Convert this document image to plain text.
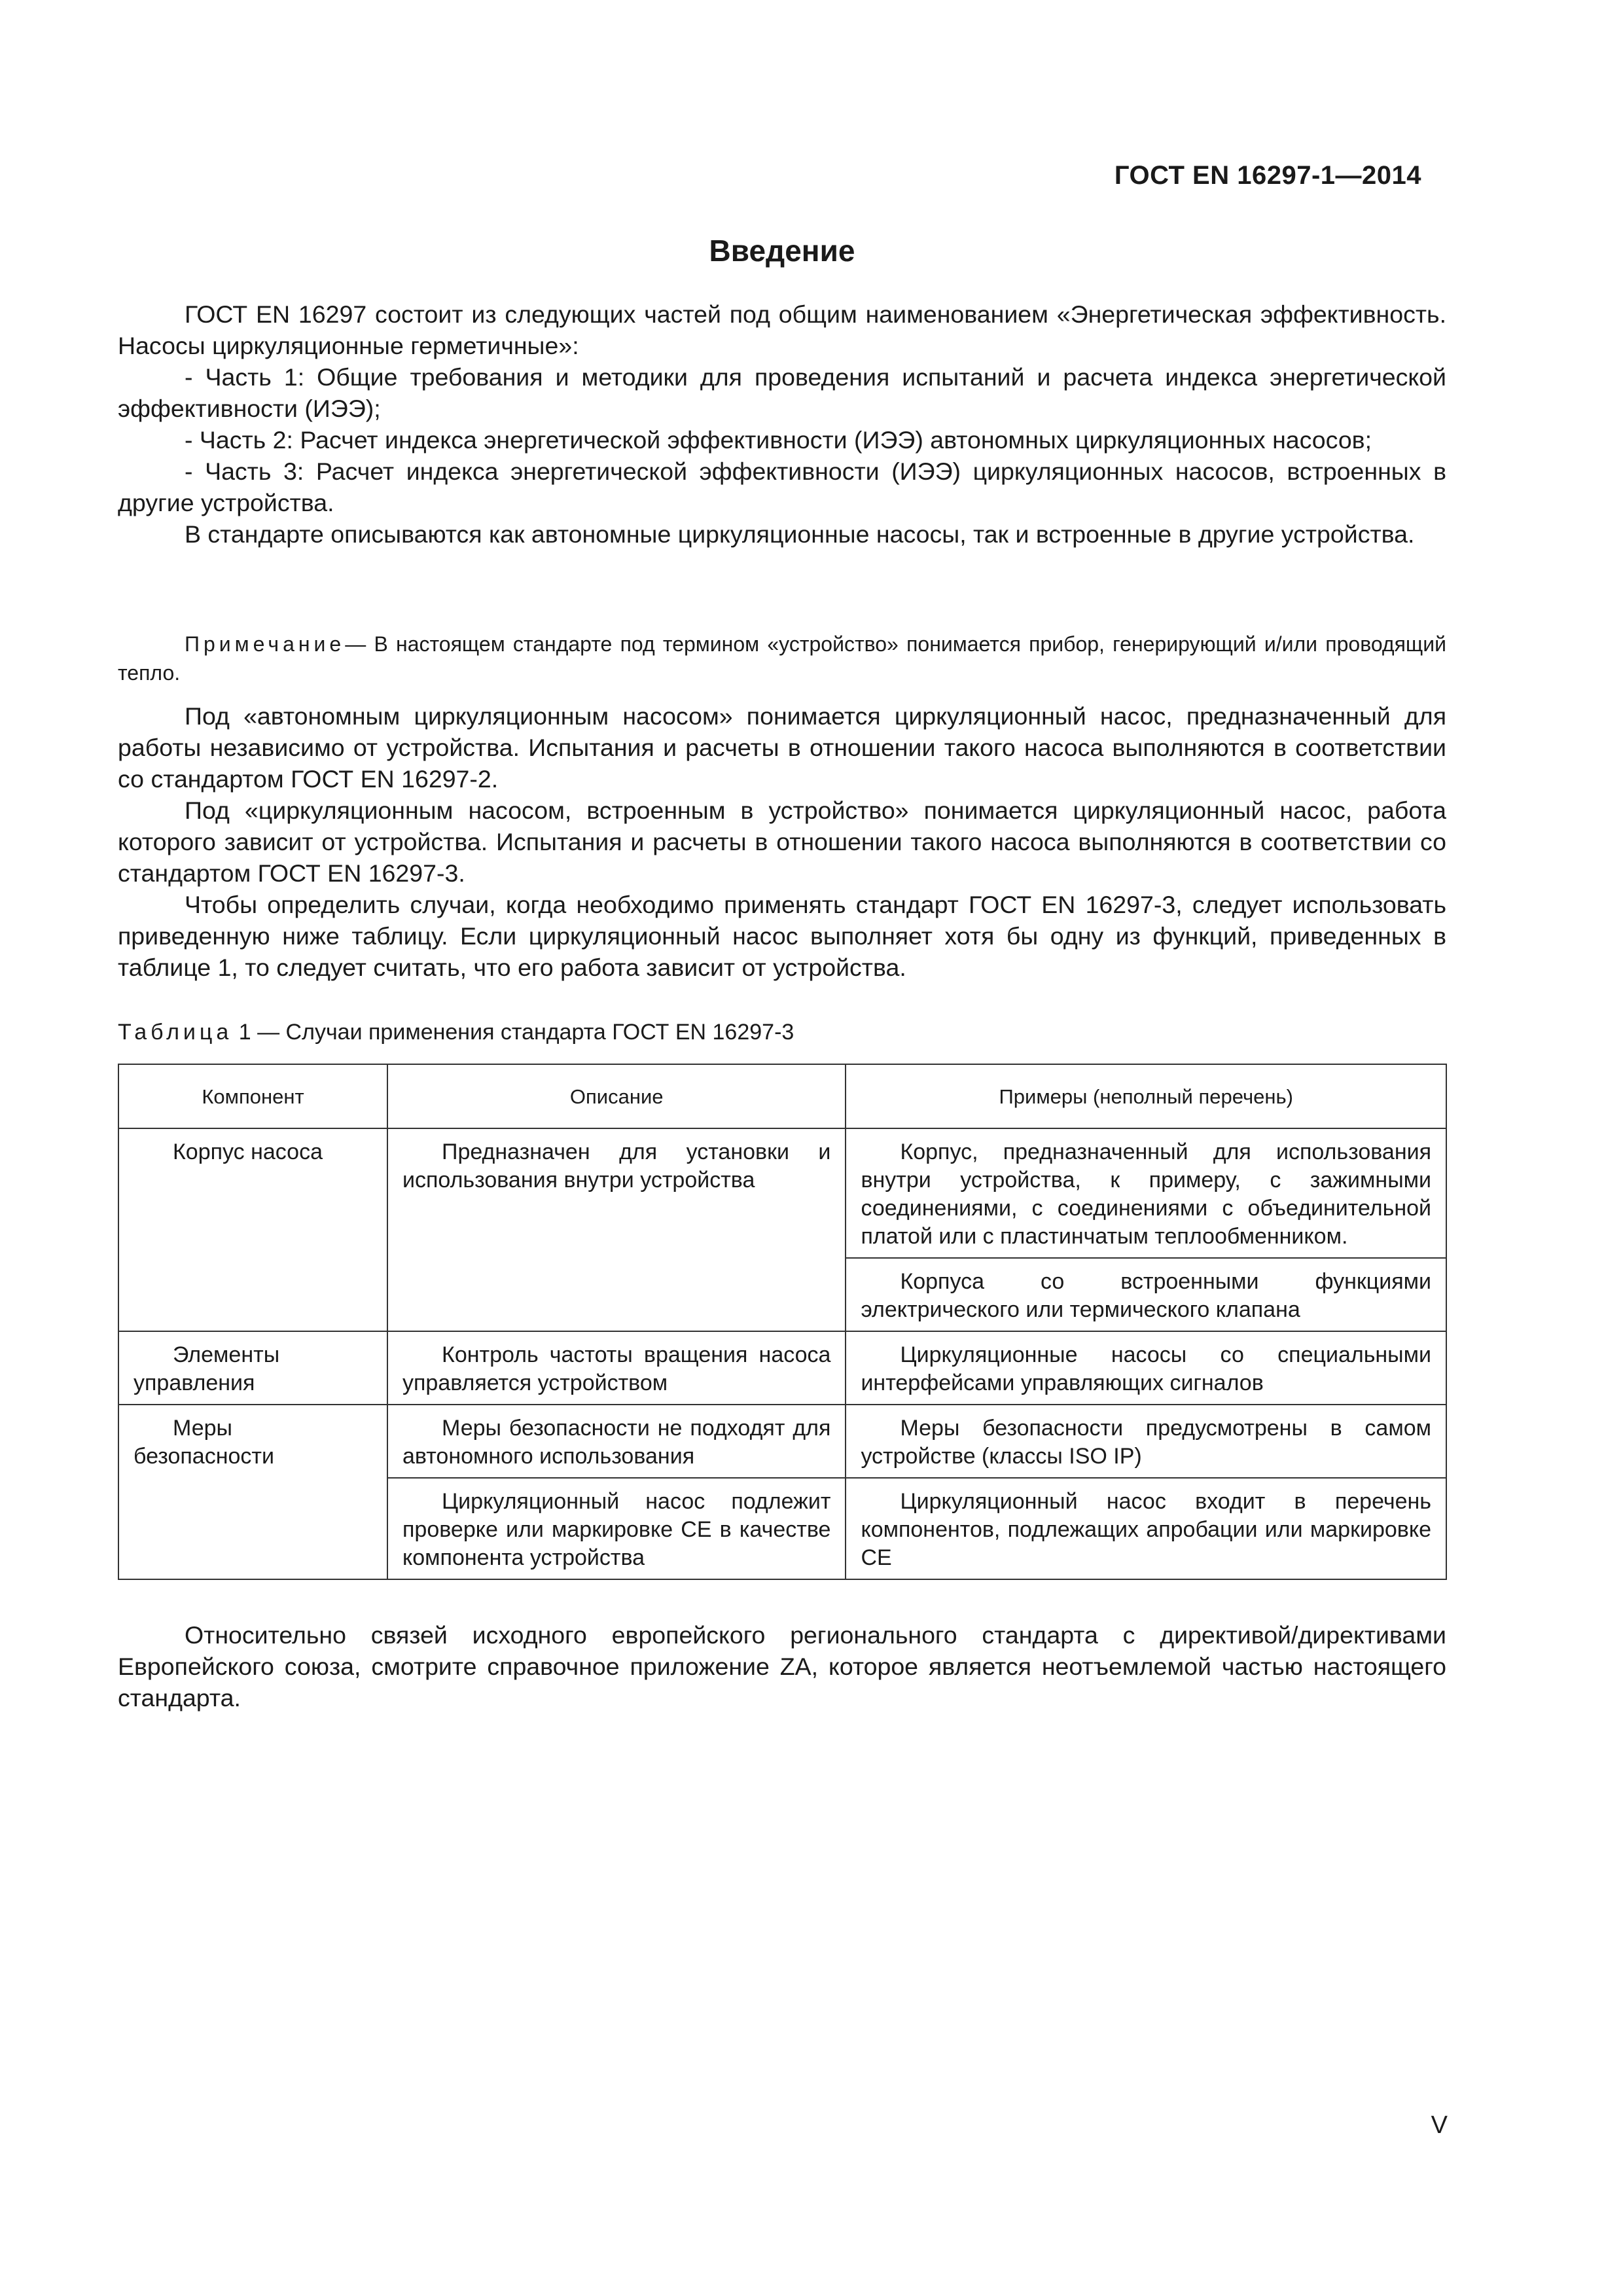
ГОСТ EN 16297-1—2014
Введение

ГОСТ EN 16297 состоит из следующих частей под общим наименованием «Энергетическая эффективность. Насосы циркуляционные герметичные»:

- Часть 1: Общие требования и методики для проведения испытаний и расчета индекса энергетической эффективности (ИЭЭ);

- Часть 2: Расчет индекса энергетической эффективности (ИЭЭ) автономных циркуляционных насосов;

- Часть 3: Расчет индекса энергетической эффективности (ИЭЭ) циркуляционных насосов, встроенных в другие устройства.

В стандарте описываются как автономные циркуляционные насосы, так и встроенные в другие устройства.

Примечание— В настоящем стандарте под термином «устройство» понимается прибор, генерирующий и/или проводящий тепло.

Под «автономным циркуляционным насосом» понимается циркуляционный насос, предназначенный для работы независимо от устройства. Испытания и расчеты в отношении такого насоса выполняются в соответствии со стандартом ГОСТ EN 16297-2.

Под «циркуляционным насосом, встроенным в устройство» понимается циркуляционный насос, работа которого зависит от устройства. Испытания и расчеты в отношении такого насоса выполняются в соответствии со стандартом ГОСТ EN 16297-3.

Чтобы определить случаи, когда необходимо применять стандарт ГОСТ EN 16297-3, следует использовать приведенную ниже таблицу. Если циркуляционный насос выполняет хотя бы одну из функций, приведенных в таблице 1, то следует считать, что его работа зависит от устройства.

Таблица 1 — Случаи применения стандарта ГОСТ EN 16297-3
Компонент	Описание	Примеры (неполный перечень)

Корпус насоса	Предназначен для установки и использования внутри устройства	Корпус, предназначенный для использования внутри устройства, к примеру, с зажимными соединениями, с соединениями с объединительной платой или с пластинчатым теплообменником.

		Корпуса со встроенными функциями электрического или термического клапана

Элементы управления	Контроль частоты вращения насоса управляется устройством	Циркуляционные насосы со специальными интерфейсами управляющих сигналов

Меры безопасности	Меры безопасности не подходят для автономного использования	Меры безопасности предусмотрены в самом устройстве (классы ISO IP)

	Циркуляционный насос подлежит проверке или маркировке CE в качестве компонента устройства	Циркуляционный насос входит в перечень компонентов, подлежащих апробации или маркировке CE

Относительно связей исходного европейского регионального стандарта с директивой/директивами Европейского союза, смотрите справочное приложение ZA, которое является неотъемлемой частью настоящего стандарта.

V
